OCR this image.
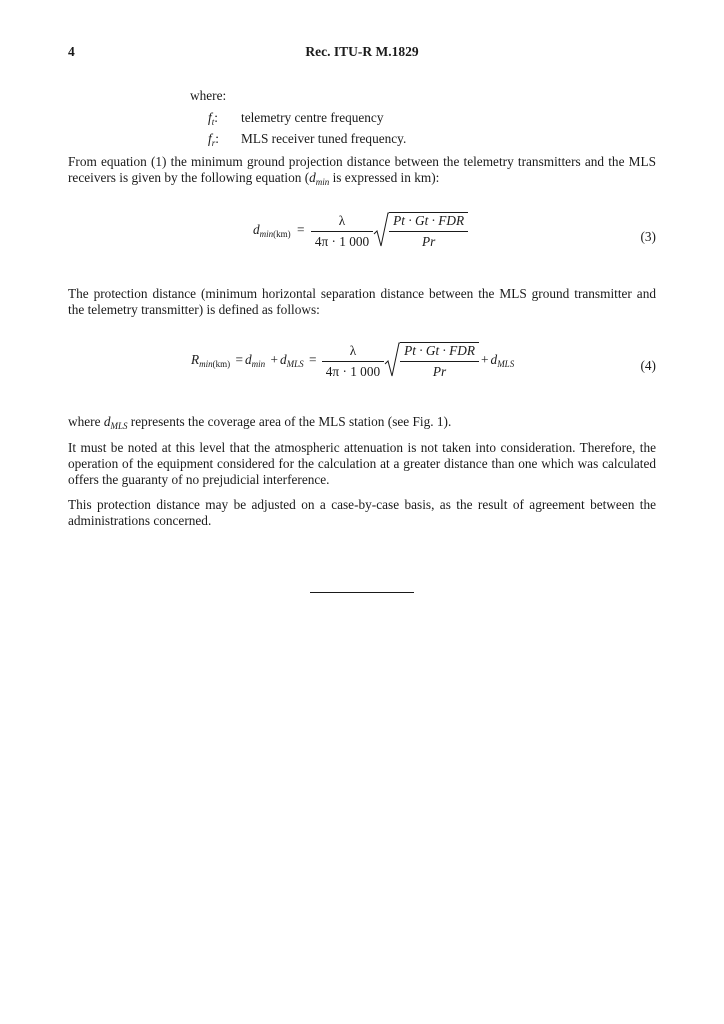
4	Rec. ITU-R M.1829
where:
$f_t$: telemetry centre frequency
$f_r$: MLS receiver tuned frequency.
From equation (1) the minimum ground projection distance between the telemetry transmitters and the MLS receivers is given by the following equation ($d_{min}$ is expressed in km):
$d_{min(km)} = \frac{\lambda}{4\pi \cdot 1 000} \frac{\text{Pt · Gt · FDR}}{Pr}$	(3)
The protection distance (minimum horizontal separation distance between the MLS ground transmitter and the telemetry transmitter) is defined as follows:
$R_{min(km)} = d_{min} + d_{MLS} = \frac{\lambda}{4\pi \cdot 1 000} \frac{\text{Pt · Gt · FDR}}{Pr} + d_{MLS}$	(4)
where $d_{MLS}$ represents the coverage area of the MLS station (see Fig. 1).
It must be noted at this level that the atmospheric attenuation is not taken into consideration. Therefore, the operation of the equipment considered for the calculation at a greater distance than one which was calculated offers the guaranty of no prejudicial interference.
This protection distance may be adjusted on a case-by-case basis, as the result of agreement between the administrations concerned.
